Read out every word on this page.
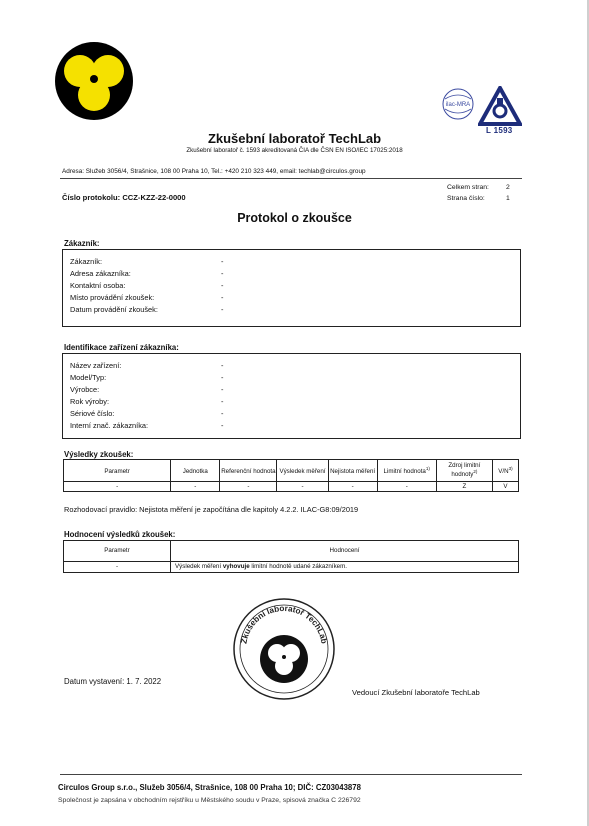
ilac-MRA
L 1593
Zkušební laboratoř TechLab
Zkušební laboratoř č. 1593 akreditovaná ČIA dle ČSN EN ISO/IEC 17025:2018
Adresa: Služeb 3056/4, Strašnice, 108 00 Praha 10, Tel.: +420 210 323 449, email: techlab@circulos.group
Číslo protokolu: CCZ-KZZ-22-0000
Celkem stran:	2
Strana číslo:	1
Protokol o zkoušce
Zákazník:
Zákazník:	-
Adresa zákazníka:	-
Kontaktní osoba:	-
Místo provádění zkoušek:	-
Datum provádění zkoušek:	-
Identifikace zařízení zákazníka:
Název zařízení:	-
Model/Typ:	-
Výrobce:	-
Rok výroby:	-
Sériové číslo:	-
Interní znač. zákazníka:	-
Výsledky zkoušek:
Parametr	Jednotka	Referenční hodnota	Výsledek měření	Nejistota měření	Limitní hodnota$^{1)}$	Zdroj limitní hodnoty$^{2)}$	$V/N^{3)}$
-	-	-	-	-	-	Z	V
Rozhodovací pravidlo: Nejistota měření je započítána dle kapitoly 4.2.2. ILAC-G8:09/2019
Hodnocení výsledků zkoušek:
Parametr	Hodnocení
-	Výsledek měření vyhovuje limitní hodnotě udané zákazníkem.
Zkušební laboratoř TechLab
Datum vystavení: 1. 7. 2022
Vedoucí Zkušební laboratoře TechLab
Circulos Group s.r.o., Služeb 3056/4, Strašnice, 108 00 Praha 10; DIČ: CZ03043878
Společnost je zapsána v obchodním rejstříku u Městského soudu v Praze, spisová značka C 226792
